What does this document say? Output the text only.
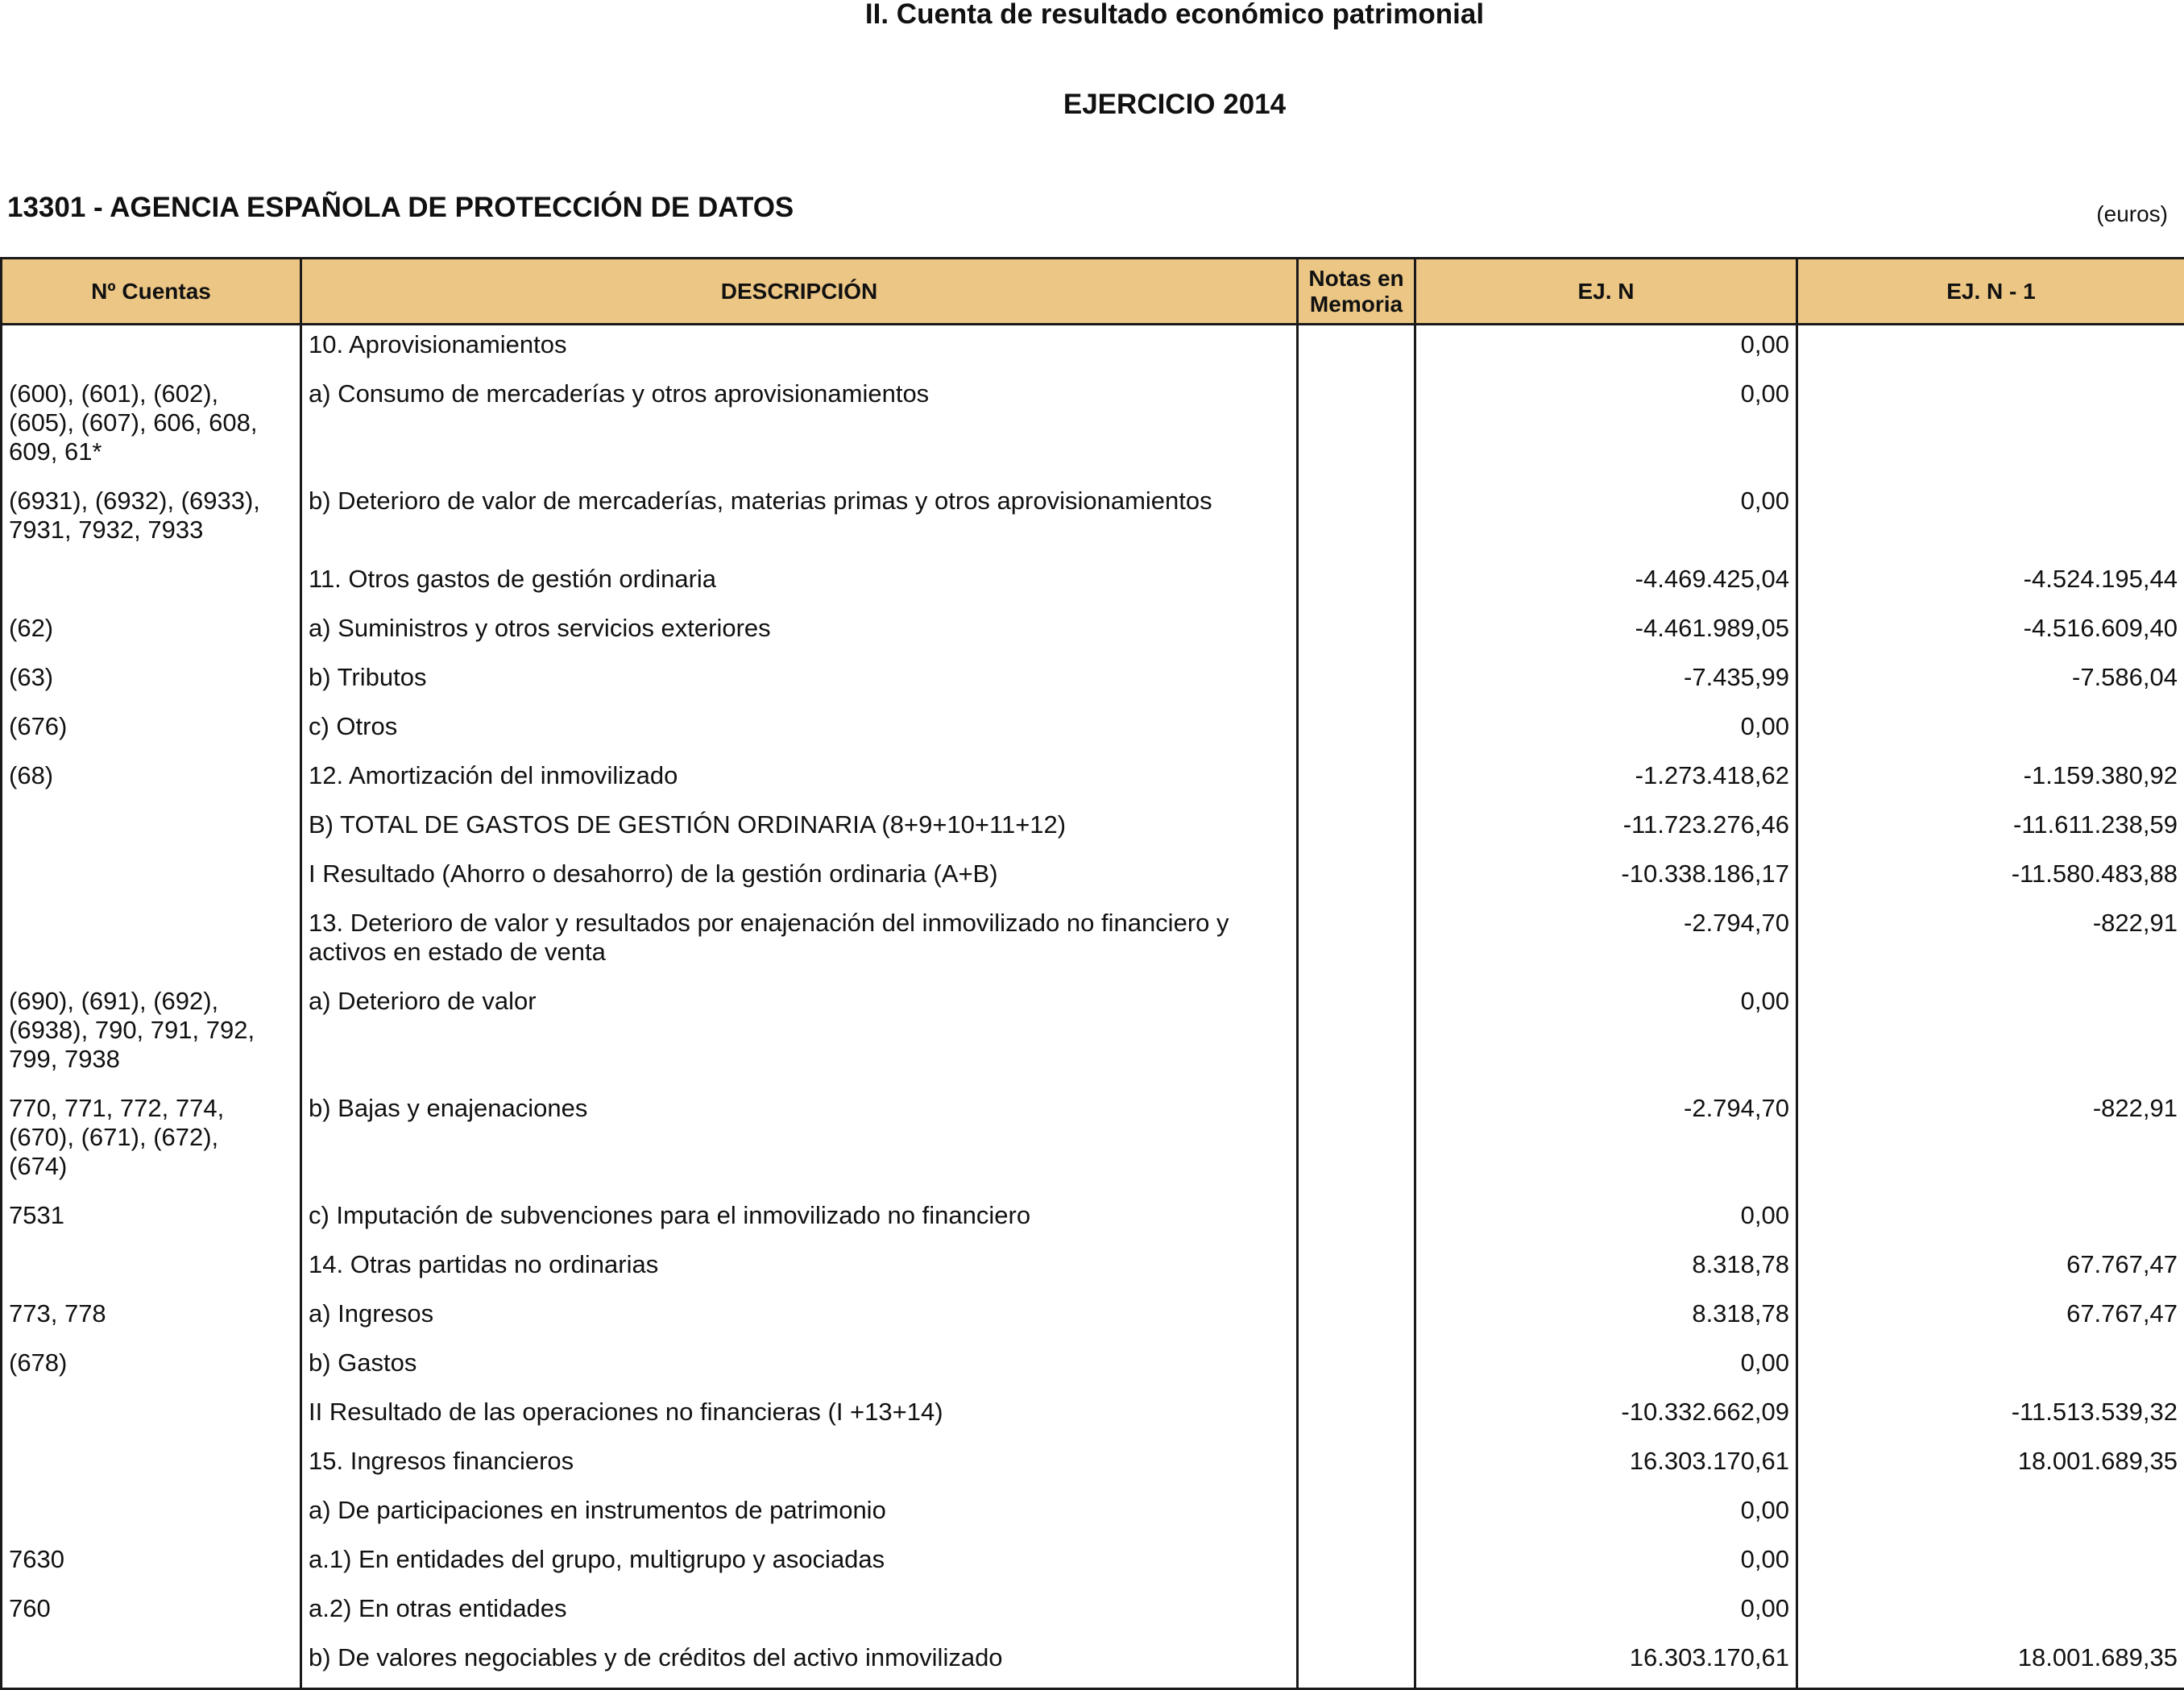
II. Cuenta de resultado económico patrimonial
EJERCICIO 2014
13301 - AGENCIA ESPAÑOLA DE PROTECCIÓN DE DATOS	(euros)
Nº Cuentas	DESCRIPCIÓN	Notas en Memoria	EJ. N	EJ. N - 1
	10. Aprovisionamientos		0,00	
(600), (601), (602),
(605), (607), 606, 608,
609, 61*	a) Consumo de mercaderías y otros aprovisionamientos		0,00	
(6931), (6932), (6933),
7931, 7932, 7933	b) Deterioro de valor de mercaderías, materias primas y otros aprovisionamientos		0,00	
	11. Otros gastos de gestión ordinaria		-4.469.425,04	-4.524.195,44
(62)	a) Suministros y otros servicios exteriores		-4.461.989,05	-4.516.609,40
(63)	b) Tributos		-7.435,99	-7.586,04
(676)	c) Otros		0,00	
(68)	12. Amortización del inmovilizado		-1.273.418,62	-1.159.380,92
	B) TOTAL DE GASTOS DE GESTIÓN ORDINARIA (8+9+10+11+12)		-11.723.276,46	-11.611.238,59
	I Resultado (Ahorro o desahorro) de la gestión ordinaria (A+B)		-10.338.186,17	-11.580.483,88
	13. Deterioro de valor y resultados por enajenación del inmovilizado no financiero y activos en estado de venta		-2.794,70	-822,91
(690), (691), (692),
(6938), 790, 791, 792,
799, 7938	a) Deterioro de valor		0,00	
770, 771, 772, 774,
(670), (671), (672),
(674)	b) Bajas y enajenaciones		-2.794,70	-822,91
7531	c) Imputación de subvenciones para el inmovilizado no financiero		0,00	
	14. Otras partidas no ordinarias		8.318,78	67.767,47
773, 778	a) Ingresos		8.318,78	67.767,47
(678)	b) Gastos		0,00	
	II Resultado de las operaciones no financieras (I +13+14)		-10.332.662,09	-11.513.539,32
	15. Ingresos financieros		16.303.170,61	18.001.689,35
	a) De participaciones en instrumentos de patrimonio		0,00	
7630	a.1) En entidades del grupo, multigrupo y asociadas		0,00	
760	a.2) En otras entidades		0,00	
	b) De valores negociables y de créditos del activo inmovilizado		16.303.170,61	18.001.689,35
